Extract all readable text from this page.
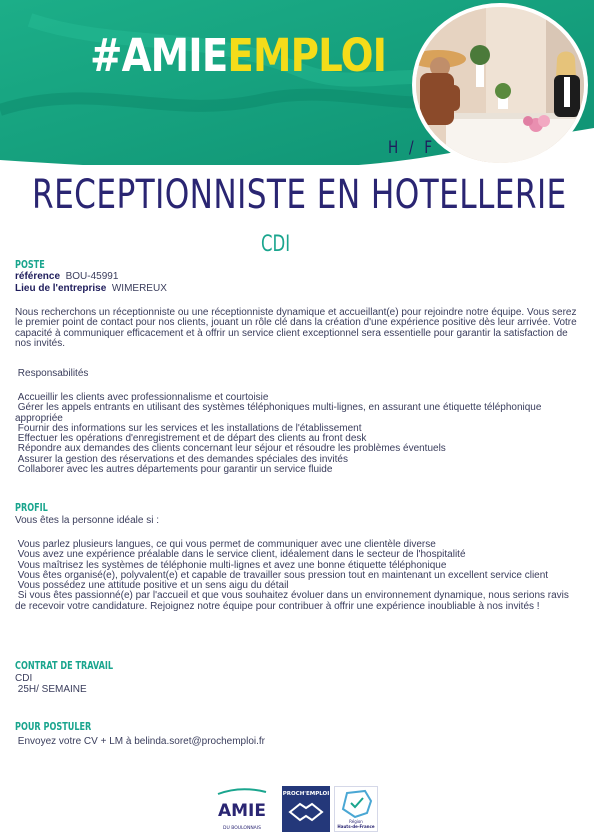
#AMIEEMPLOI
H / F
RECEPTIONNISTE EN HOTELLERIE
CDI
POSTE
référence BOU-45991
Lieu de l'entreprise WIMEREUX
Nous recherchons un réceptionniste ou une réceptionniste dynamique et accueillant(e) pour rejoindre notre équipe. Vous serez le premier point de contact pour nos clients, jouant un rôle clé dans la création d'une expérience positive dès leur arrivée. Votre capacité à communiquer efficacement et à offrir un service client exceptionnel sera essentielle pour garantir la satisfaction de nos invités.
Responsabilités
Accueillir les clients avec professionnalisme et courtoisie
Gérer les appels entrants en utilisant des systèmes téléphoniques multi-lignes, en assurant une étiquette téléphonique appropriée
Fournir des informations sur les services et les installations de l'établissement
Effectuer les opérations d'enregistrement et de départ des clients au front desk
Répondre aux demandes des clients concernant leur séjour et résoudre les problèmes éventuels
Assurer la gestion des réservations et des demandes spéciales des invités
Collaborer avec les autres départements pour garantir un service fluide
PROFIL
Vous êtes la personne idéale si :
Vous parlez plusieurs langues, ce qui vous permet de communiquer avec une clientèle diverse
Vous avez une expérience préalable dans le service client, idéalement dans le secteur de l'hospitalité
Vous maîtrisez les systèmes de téléphonie multi-lignes et avez une bonne étiquette téléphonique
Vous êtes organisé(e), polyvalent(e) et capable de travailler sous pression tout en maintenant un excellent service client
Vous possédez une attitude positive et un sens aigu du détail
Si vous êtes passionné(e) par l'accueil et que vous souhaitez évoluer dans un environnement dynamique, nous serions ravis de recevoir votre candidature. Rejoignez notre équipe pour contribuer à offrir une expérience inoubliable à nos invités !
CONTRAT DE TRAVAIL
CDI
25H/ SEMAINE
POUR POSTULER
Envoyez votre CV + LM à belinda.soret@prochemploi.fr
AMIE
DU BOULONNAIS
PROCH'EMPLOI
Région
Hauts-de-France
